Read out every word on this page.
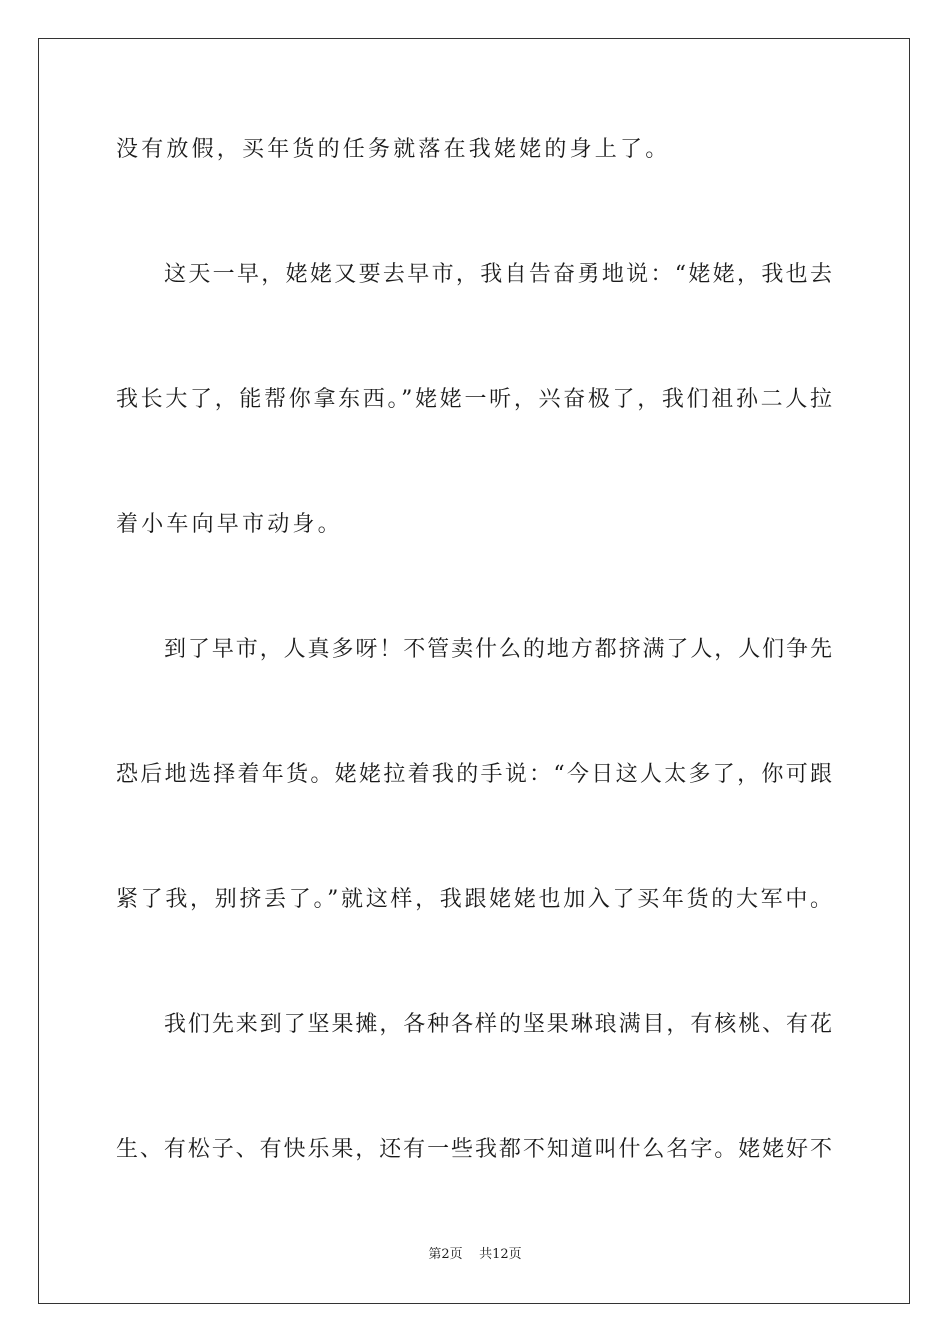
没有放假，买年货的任务就落在我姥姥的身上了。
这天一早，姥姥又要去早市，我自告奋勇地说：“姥姥，我也去
我长大了，能帮你拿东西。”姥姥一听，兴奋极了，我们祖孙二人拉
着小车向早市动身。
到了早市，人真多呀！不管卖什么的地方都挤满了人，人们争先
恐后地选择着年货。姥姥拉着我的手说：“今日这人太多了，你可跟
紧了我，别挤丢了。”就这样，我跟姥姥也加入了买年货的大军中。
我们先来到了坚果摊，各种各样的坚果琳琅满目，有核桃、有花
生、有松子、有快乐果，还有一些我都不知道叫什么名字。姥姥好不
第2页 共12页
